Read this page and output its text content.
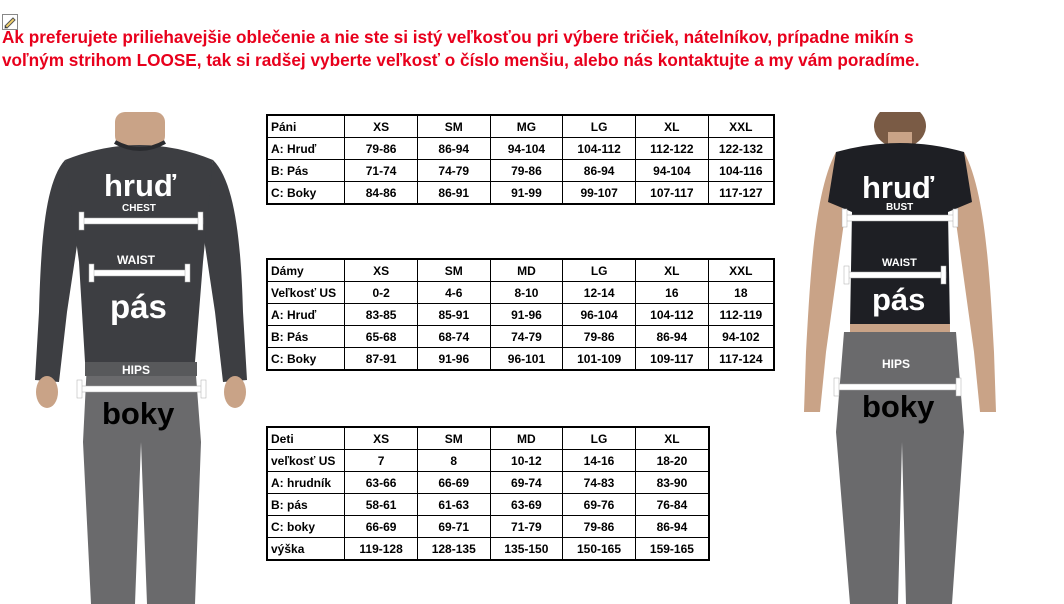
Ak preferujete priliehavejšie oblečenie a nie ste si istý veľkosťou pri výbere tričiek, nátelníkov, prípadne mikín s
voľným strihom LOOSE, tak si radšej vyberte veľkosť o číslo menšiu, alebo nás kontaktujte a my vám poradíme.

hruď
CHEST
WAIST
pás
HIPS
boky
hruď
BUST
WAIST
pás
HIPS
boky
Páni	XS	SM	MG	LG	XL	XXL
A: Hruď	79-86	86-94	94-104	104-112	112-122	122-132
B: Pás	71-74	74-79	79-86	86-94	94-104	104-116
C: Boky	84-86	86-91	91-99	99-107	107-117	117-127
Dámy	XS	SM	MD	LG	XL	XXL
Veľkosť US	0-2	4-6	8-10	12-14	16	18
A: Hruď	83-85	85-91	91-96	96-104	104-112	112-119
B: Pás	65-68	68-74	74-79	79-86	86-94	94-102
C: Boky	87-91	91-96	96-101	101-109	109-117	117-124
Deti	XS	SM	MD	LG	XL
veľkosť US	7	8	10-12	14-16	18-20
A: hrudník	63-66	66-69	69-74	74-83	83-90
B: pás	58-61	61-63	63-69	69-76	76-84
C: boky	66-69	69-71	71-79	79-86	86-94
výška	119-128	128-135	135-150	150-165	159-165
